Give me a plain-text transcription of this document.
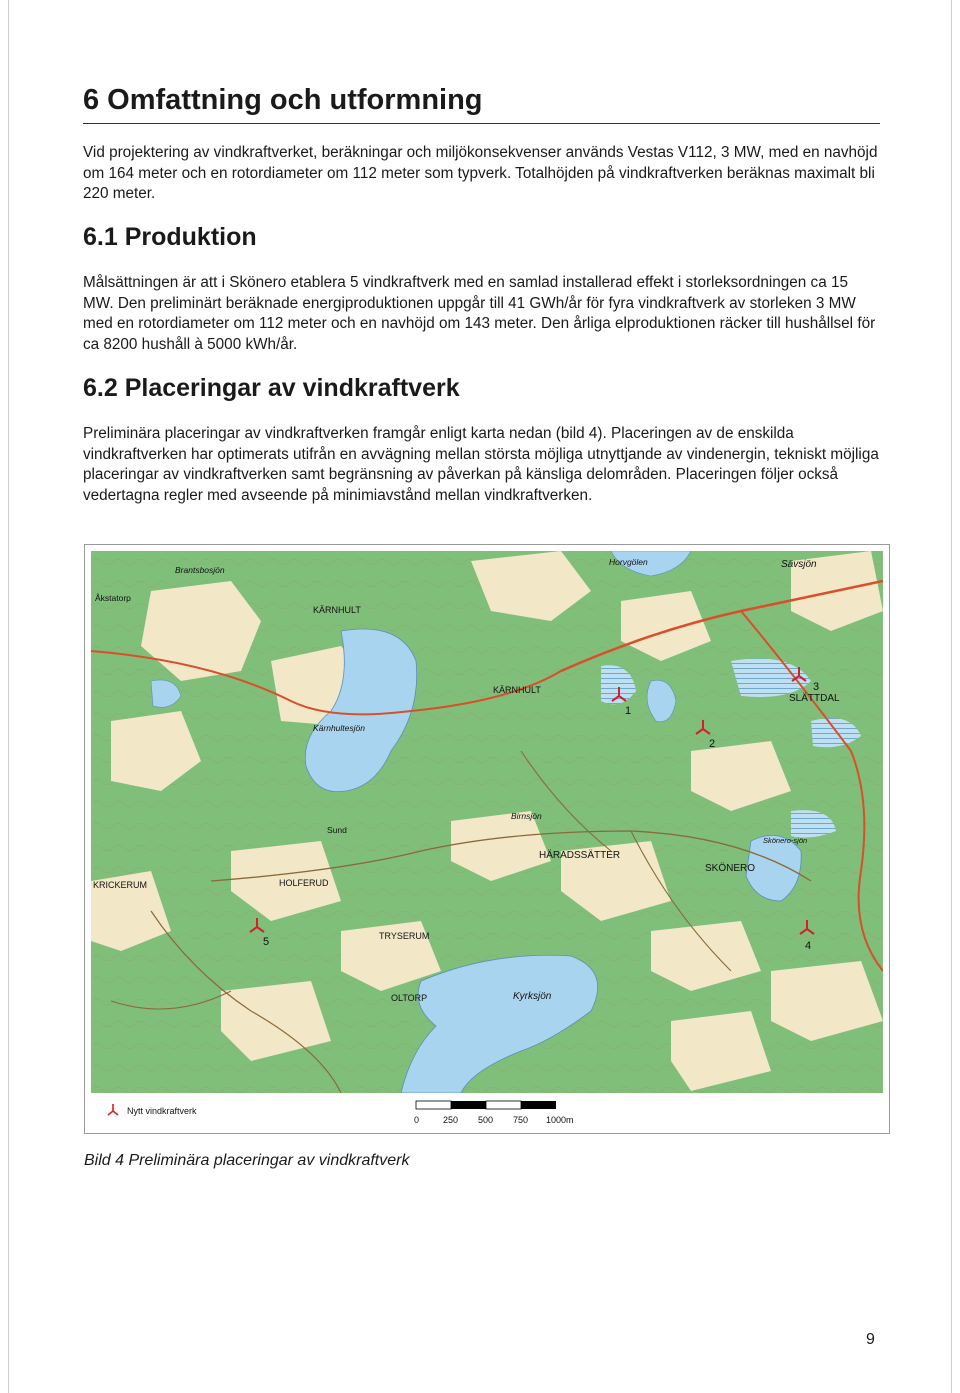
6 Omfattning och utformning

Vid projektering av vindkraftverket, beräkningar och miljökonsekvenser används Vestas V112, 3 MW, med en navhöjd om 164 meter och en rotordiameter om 112 meter som typverk. Totalhöjden på vindkraftverken beräknas maximalt bli 220 meter.

6.1 Produktion

Målsättningen är att i Skönero etablera 5 vindkraftverk med en samlad installerad effekt i storleksordningen ca 15 MW. Den preliminärt beräknade energiproduktionen uppgår till 41 GWh/år för fyra vindkraftverk av storleken 3 MW med en rotordiameter om 112 meter och en navhöjd om 143 meter. Den årliga elproduktionen räcker till hushållsel för ca 8200 hushåll à 5000 kWh/år.

6.2 Placeringar av vindkraftverk

Preliminära placeringar av vindkraftverken framgår enligt karta nedan (bild 4). Placeringen av de enskilda vindkraftverken har optimerats utifrån en avvägning mellan största möjliga utnyttjande av vindenergin, tekniskt möjliga placeringar av vindkraftverken samt begränsning av påverkan på känsliga delområden. Placeringen följer också vedertagna regler med avseende på minimiavstånd mellan vindkraftverken.

Brantsbosjön
KÄRNHULT
KÄRNHULT
Kärnhultesjön
SLÄTTDAL
Sävsjön
Horvgölen
HÄRADSSÄTTER
SKÖNERO
Skönero-sjön
KRICKERUM	HOLFERUD
TRYSERUM
Kyrksjön
Birnsjön
OLTORP
Sund
Åkstatorp
1
2
3
4
5
Nytt vindkraftverk
0	250 500 750 1000m

Bild 4 Preliminära placeringar av vindkraftverk

9
